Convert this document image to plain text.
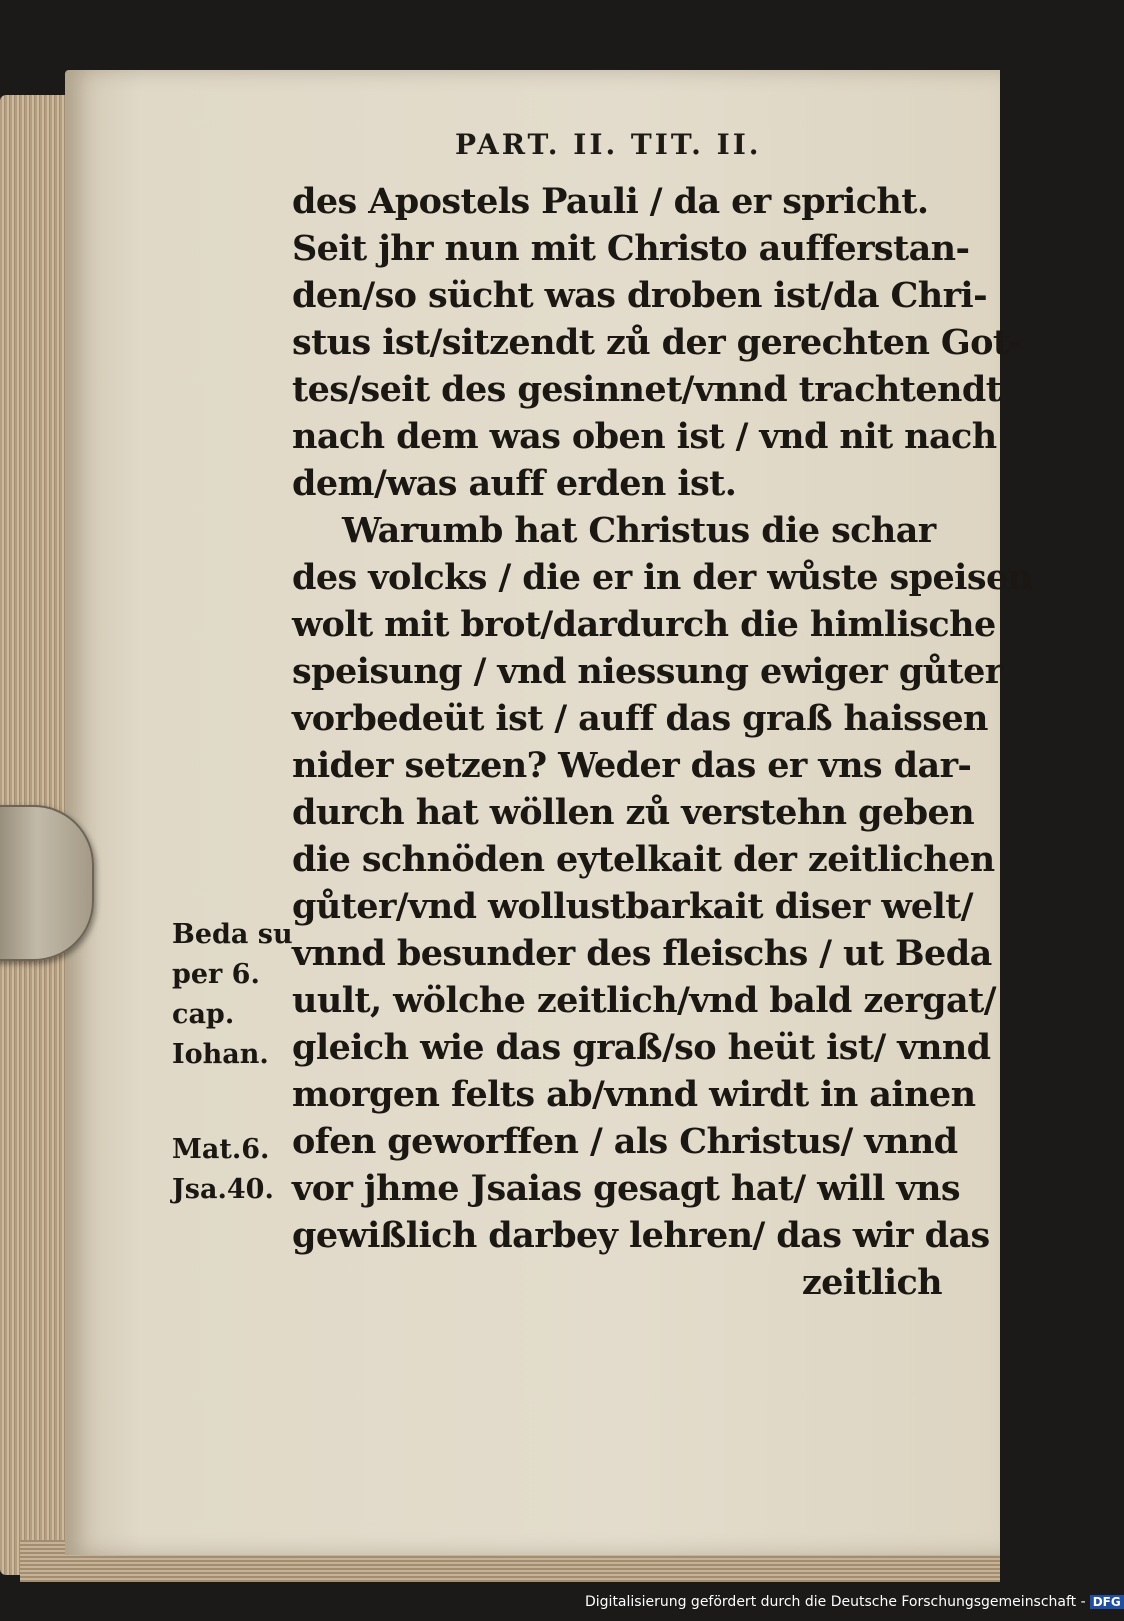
PART. II. TIT. II.
des Apostels Pauli / da er spricht.
Seit jhr nun mit Christo aufferstan-
den/so sücht was droben ist/da Chri-
stus ist/sitzendt zů der gerechten Got-
tes/seit des gesinnet/vnnd trachtendt
nach dem was oben ist / vnd nit nach
dem/was auff erden ist.
Warumb hat Christus die schar
des volcks / die er in der wůste speisen
wolt mit brot/dardurch die himlische
speisung / vnd niessung ewiger gůter
vorbedeüt ist / auff das graß haissen
nider setzen? Weder das er vns dar-
durch hat wöllen zů verstehn geben
die schnöden eytelkait der zeitlichen
gůter/vnd wollustbarkait diser welt/
vnnd besunder des fleischs / ut Beda
uult, wölche zeitlich/vnd bald zergat/
gleich wie das graß/so heüt ist/ vnnd
morgen felts ab/vnnd wirdt in ainen
ofen geworffen / als Christus/ vnnd
vor jhme Jsaias gesagt hat/ will vns
gewißlich darbey lehren/ das wir das
zeitlich
Beda su
per 6.
cap.
Iohan.
Mat.6.
Jsa.40.
Digitalisierung gefördert durch die Deutsche Forschungsgemeinschaft - DFG
